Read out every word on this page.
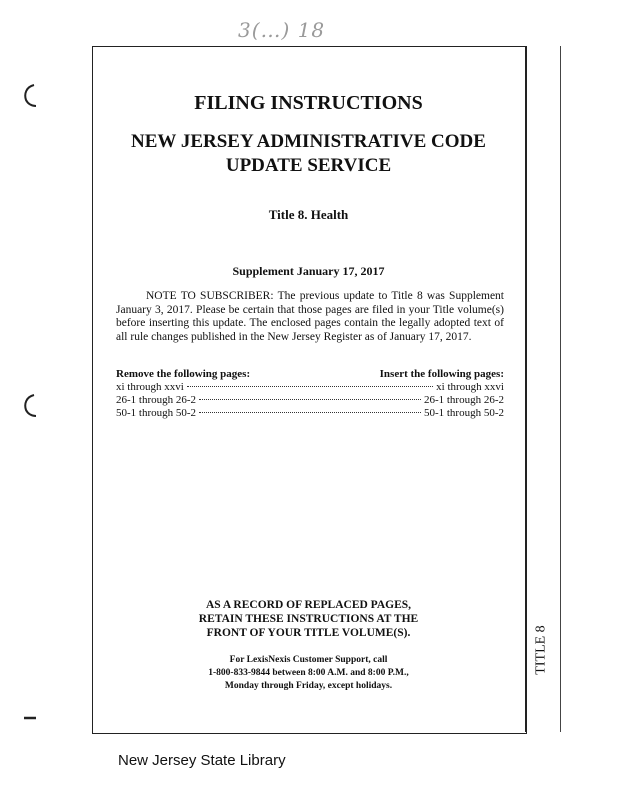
3(…) 18
TITLE 8
FILING INSTRUCTIONS
NEW JERSEY ADMINISTRATIVE CODE
UPDATE SERVICE
Title 8. Health
Supplement January 17, 2017
NOTE TO SUBSCRIBER: The previous update to Title 8 was Supplement January 3, 2017. Please be certain that those pages are filed in your Title volume(s) before inserting this update. The enclosed pages contain the legally adopted text of all rule changes published in the New Jersey Register as of January 17, 2017.
Remove the following pages:	Insert the following pages:
xi through xxvi	xi through xxvi
26-1 through 26-2	26-1 through 26-2
50-1 through 50-2	50-1 through 50-2
AS A RECORD OF REPLACED PAGES,
RETAIN THESE INSTRUCTIONS AT THE
FRONT OF YOUR TITLE VOLUME(S).
For LexisNexis Customer Support, call
1-800-833-9844 between 8:00 A.M. and 8:00 P.M.,
Monday through Friday, except holidays.
New Jersey State Library
